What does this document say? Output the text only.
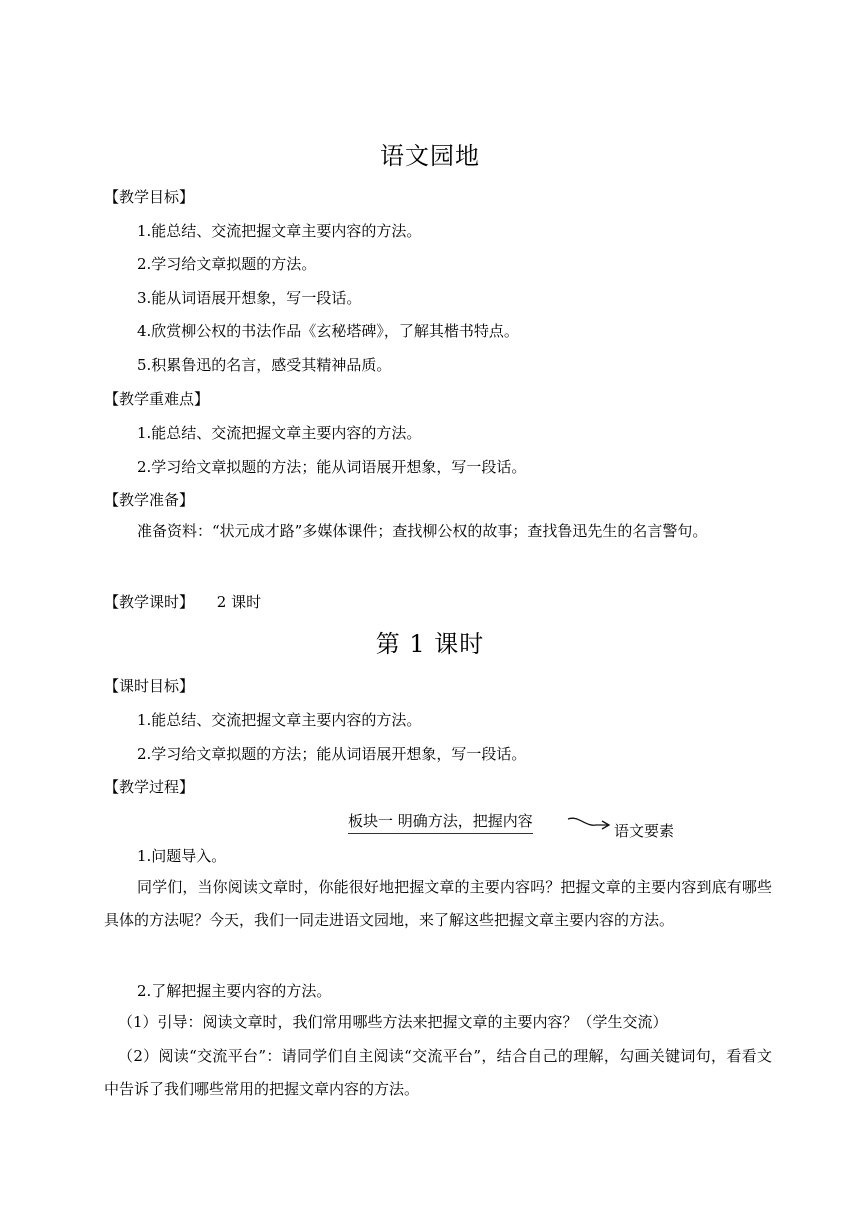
语文园地
【教学目标】
1.能总结、交流把握文章主要内容的方法。
2.学习给文章拟题的方法。
3.能从词语展开想象，写一段话。
4.欣赏柳公权的书法作品《玄秘塔碑》，了解其楷书特点。
5.积累鲁迅的名言，感受其精神品质。
【教学重难点】
1.能总结、交流把握文章主要内容的方法。
2.学习给文章拟题的方法；能从词语展开想象，写一段话。
【教学准备】
准备资料：“状元成才路”多媒体课件；查找柳公权的故事；查找鲁迅先生的名言警句。
【教学课时】 2 课时
第 1 课时
【课时目标】
1.能总结、交流把握文章主要内容的方法。
2.学习给文章拟题的方法；能从词语展开想象，写一段话。
【教学过程】
板块一 明确方法，把握内容
语文要素
1.问题导入。
同学们，当你阅读文章时，你能很好地把握文章的主要内容吗？把握文章的主要内容到底有哪些具体的方法呢？今天，我们一同走进语文园地，来了解这些把握文章主要内容的方法。
2.了解把握主要内容的方法。
（1）引导：阅读文章时，我们常用哪些方法来把握文章的主要内容？（学生交流）
（2）阅读“交流平台”：请同学们自主阅读“交流平台”，结合自己的理解，勾画关键词句，看看文中告诉了我们哪些常用的把握文章内容的方法。
